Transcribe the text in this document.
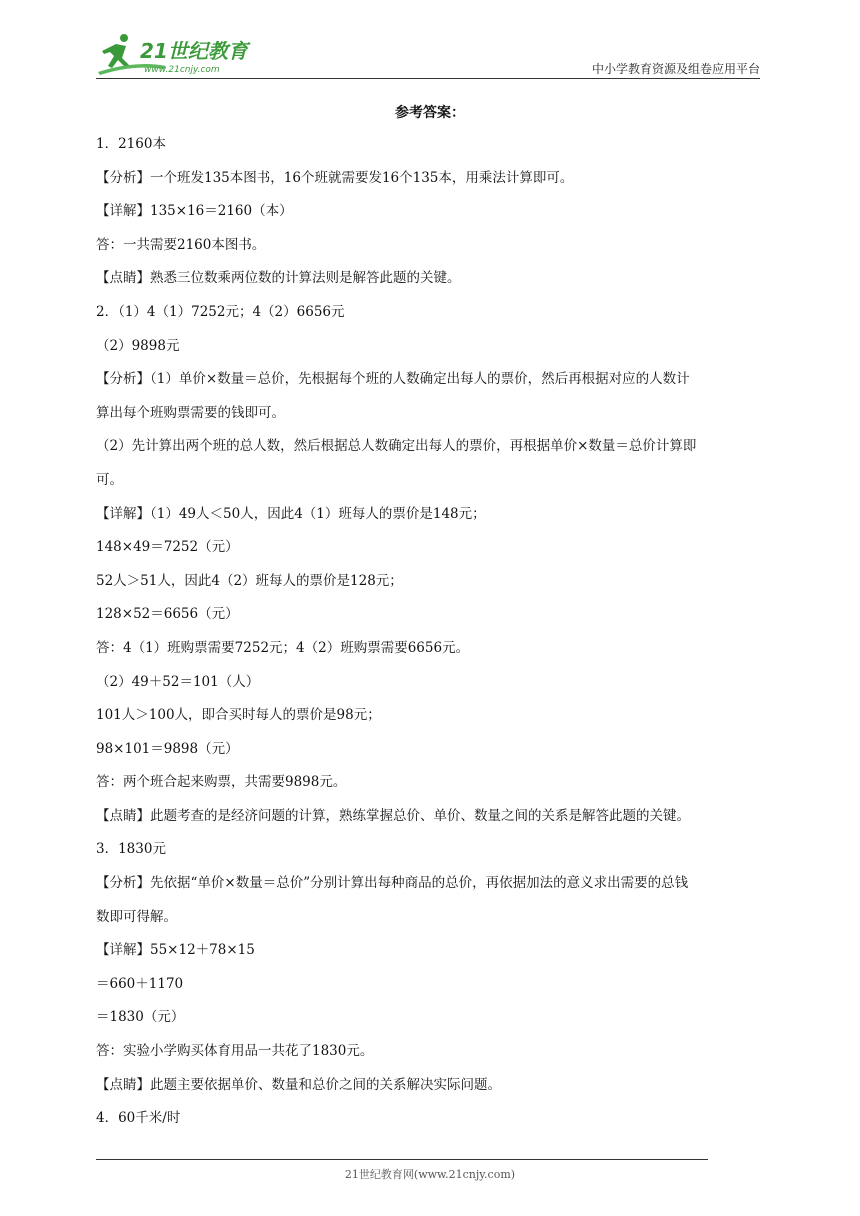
21世纪教育
www.21cnjy.com	中小学教育资源及组卷应用平台
参考答案：
1．2160本
【分析】一个班发135本图书，16个班就需要发16个135本，用乘法计算即可。
【详解】135×16＝2160（本）
答：一共需要2160本图书。
【点睛】熟悉三位数乘两位数的计算法则是解答此题的关键。
2．（1）4（1）7252元；4（2）6656元
（2）9898元
【分析】（1）单价×数量＝总价，先根据每个班的人数确定出每人的票价，然后再根据对应的人数计
算出每个班购票需要的钱即可。
（2）先计算出两个班的总人数，然后根据总人数确定出每人的票价，再根据单价×数量＝总价计算即
可。
【详解】（1）49人＜50人，因此4（1）班每人的票价是148元；
148×49＝7252（元）
52人＞51人，因此4（2）班每人的票价是128元；
128×52＝6656（元）
答：4（1）班购票需要7252元；4（2）班购票需要6656元。
（2）49＋52＝101（人）
101人＞100人，即合买时每人的票价是98元；
98×101＝9898（元）
答：两个班合起来购票，共需要9898元。
【点睛】此题考查的是经济问题的计算，熟练掌握总价、单价、数量之间的关系是解答此题的关键。
3．1830元
【分析】先依据“单价×数量＝总价”分别计算出每种商品的总价，再依据加法的意义求出需要的总钱
数即可得解。
【详解】55×12＋78×15
＝660＋1170
＝1830（元）
答：实验小学购买体育用品一共花了1830元。
【点睛】此题主要依据单价、数量和总价之间的关系解决实际问题。
4．60千米/时
21世纪教育网(www.21cnjy.com)
